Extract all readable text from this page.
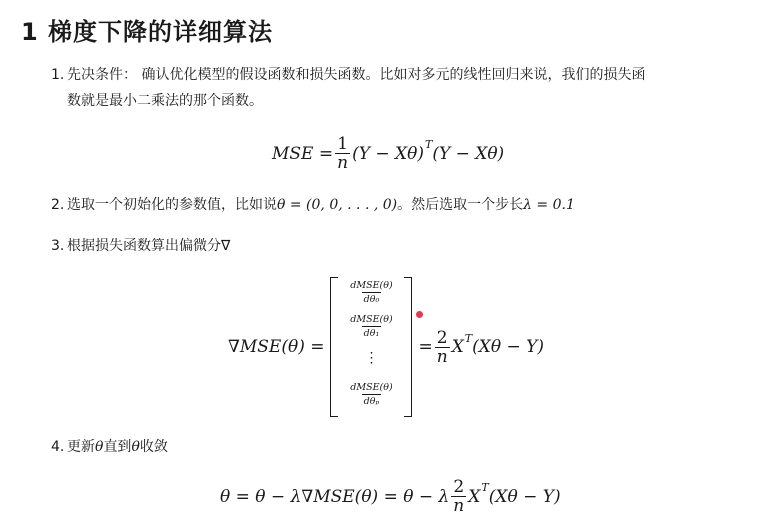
1 梯度下降的详细算法
1. 先决条件： 确认优化模型的假设函数和损失函数。比如对多元的线性回归来说，我们的损失函
数就是最小二乘法的那个函数。
MSE = $\frac{1}{n} (Y - X\theta)$ T (Y − Xθ)
2. 选取一个初始化的参数值，比如说θ = (0, 0, . . . , 0)。然后选取一个步长λ = 0.1
3. 根据损失函数算出偏微分∇
∇MSE(θ) =
$\frac{\text{dMSE(θ)}}{\text{dθ₀}}$
$\frac{\text{dMSE(θ)}}{\text{dθ₁}}$
⋮
$\frac{\text{dMSE(θ)}}{\text{dθₚ}}$
= $\frac{2}{n}$ X T (Xθ − Y)
4. 更新θ直到θ收敛
θ = θ − λ∇MSE(θ) = θ − λ $\frac{2}{n}$ X T (Xθ − Y)
